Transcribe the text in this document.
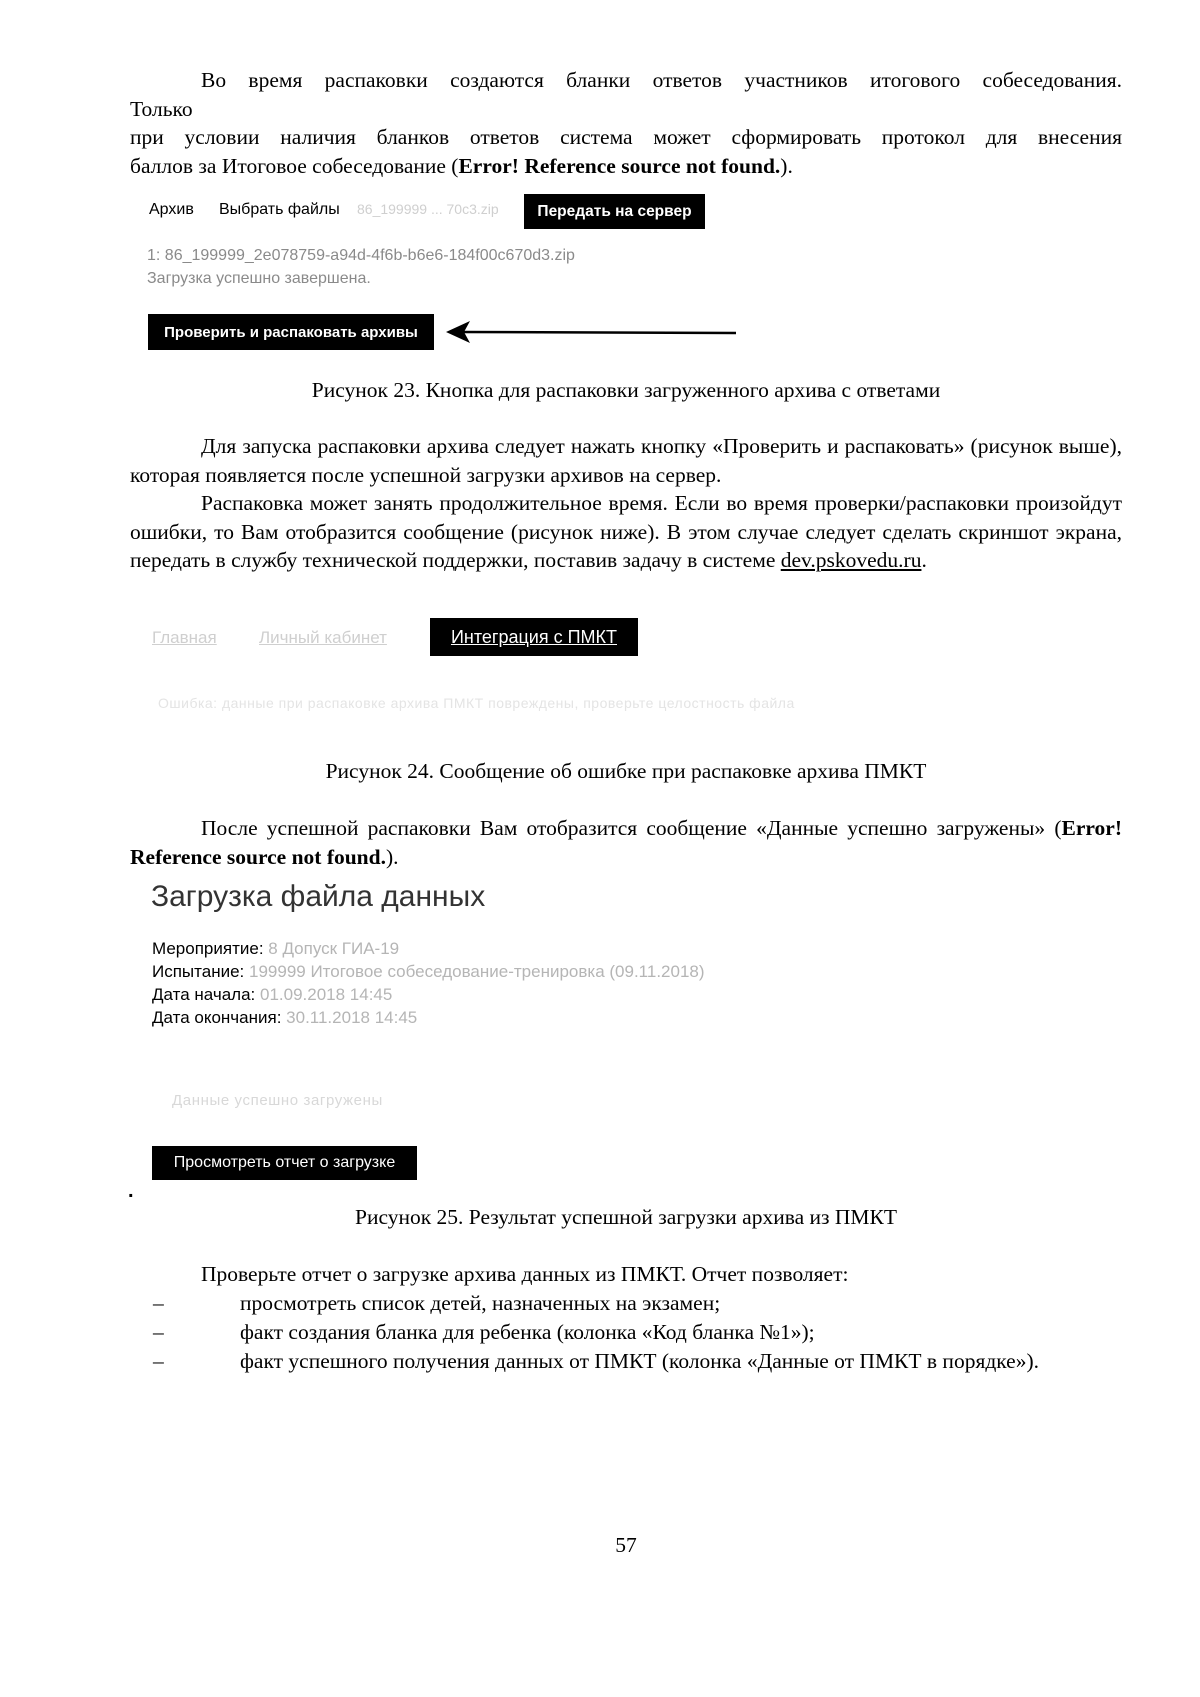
Во время распаковки создаются бланки ответов участников итогового собеседования.
Только
при условии наличия бланков ответов система может сформировать протокол для внесения
баллов за Итоговое собеседование (Error! Reference source not found.).
Архив Выбрать файлы 86_199999 ... 70c3.zip	Передать на сервер
1: 86_199999_2e078759-a94d-4f6b-b6e6-184f00c670d3.zip
Загрузка успешно завершена.
Проверить и распаковать архивы
Рисунок 23. Кнопка для распаковки загруженного архива с ответами
Для запуска распаковки архива следует нажать кнопку «Проверить и распаковать» (рисунок выше), которая появляется после успешной загрузки архивов на сервер.
Распаковка может занять продолжительное время. Если во время проверки/распаковки произойдут ошибки, то Вам отобразится сообщение (рисунок ниже). В этом случае следует сделать скриншот экрана, передать в службу технической поддержки, поставив задачу в системе dev.pskovedu.ru.
Главная Личный кабинет	Интеграция с ПМКТ
Ошибка: данные при распаковке архива ПМКТ повреждены, проверьте целостность файла
Рисунок 24. Сообщение об ошибке при распаковке архива ПМКТ
После успешной распаковки Вам отобразится сообщение «Данные успешно загружены» (Error! Reference source not found.).
Загрузка файла данных
Мероприятие: 8 Допуск ГИА-19
Испытание: 199999 Итоговое собеседование-тренировка (09.11.2018)
Дата начала: 01.09.2018 14:45
Дата окончания: 30.11.2018 14:45
Данные успешно загружены
Просмотреть отчет о загрузке
.
Рисунок 25. Результат успешной загрузки архива из ПМКТ
Проверьте отчет о загрузке архива данных из ПМКТ. Отчет позволяет:
–	просмотреть список детей, назначенных на экзамен;
–	факт создания бланка для ребенка (колонка «Код бланка №1»);
–	факт успешного получения данных от ПМКТ (колонка «Данные от ПМКТ в порядке»).
57
